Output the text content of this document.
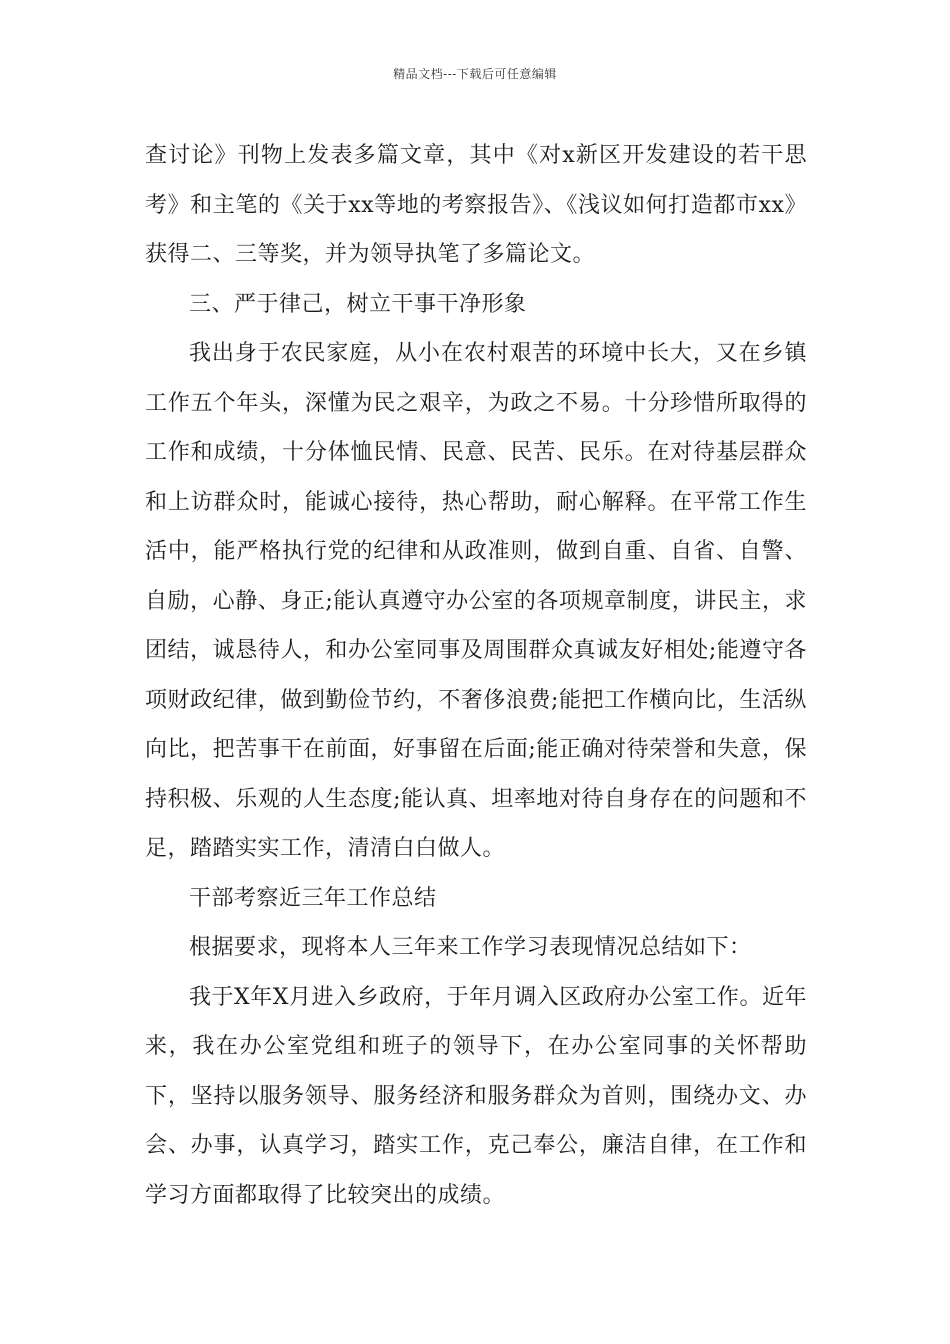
精品文档---下载后可任意编辑

查讨论》刊物上发表多篇文章，其中《对x新区开发建设的若干思考》和主笔的《关于xx等地的考察报告》、《浅议如何打造都市xx》获得二、三等奖，并为领导执笔了多篇论文。

三、严于律己，树立干事干净形象

我出身于农民家庭，从小在农村艰苦的环境中长大，又在乡镇工作五个年头，深懂为民之艰辛，为政之不易。十分珍惜所取得的工作和成绩，十分体恤民情、民意、民苦、民乐。在对待基层群众和上访群众时，能诚心接待，热心帮助，耐心解释。在平常工作生活中，能严格执行党的纪律和从政准则，做到自重、自省、自警、自励，心静、身正;能认真遵守办公室的各项规章制度，讲民主，求团结，诚恳待人，和办公室同事及周围群众真诚友好相处;能遵守各项财政纪律，做到勤俭节约，不奢侈浪费;能把工作横向比，生活纵向比，把苦事干在前面，好事留在后面;能正确对待荣誉和失意，保持积极、乐观的人生态度;能认真、坦率地对待自身存在的问题和不足，踏踏实实工作，清清白白做人。

干部考察近三年工作总结

根据要求，现将本人三年来工作学习表现情况总结如下：

我于X年X月进入乡政府，于年月调入区政府办公室工作。近年来，我在办公室党组和班子的领导下，在办公室同事的关怀帮助下，坚持以服务领导、服务经济和服务群众为首则，围绕办文、办会、办事，认真学习，踏实工作，克己奉公，廉洁自律，在工作和学习方面都取得了比较突出的成绩。
